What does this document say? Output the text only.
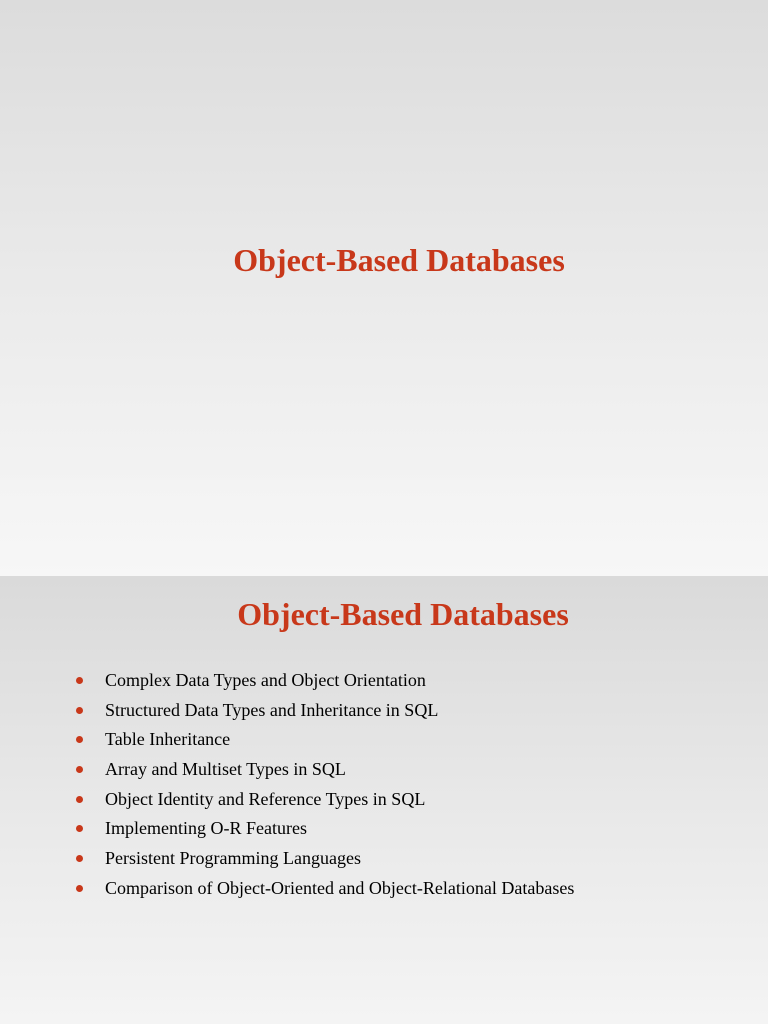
Object-Based Databases
Object-Based Databases
Complex Data Types and Object Orientation
Structured Data Types and Inheritance in SQL
Table Inheritance
Array and Multiset Types in SQL
Object Identity and Reference Types in SQL
Implementing O-R Features
Persistent Programming Languages
Comparison of Object-Oriented and Object-Relational Databases
